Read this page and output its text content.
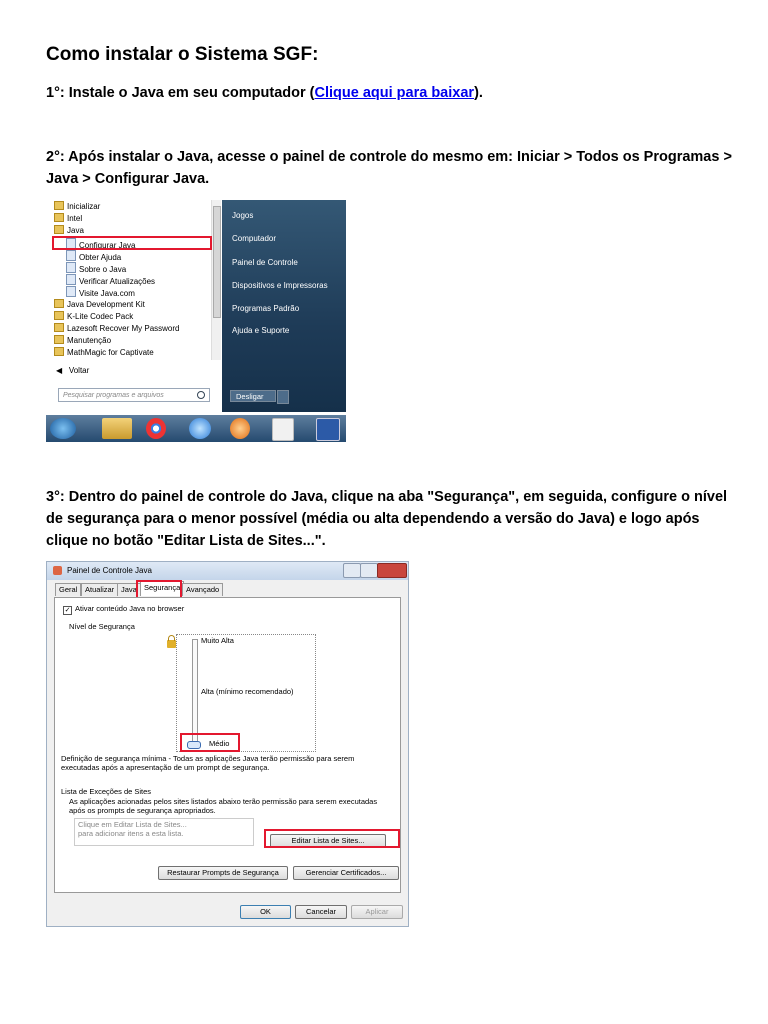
Como instalar o Sistema SGF:
1°: Instale o Java em seu computador (Clique aqui para baixar).
2°: Após instalar o Java, acesse o painel de controle do mesmo em: Iniciar > Todos os Programas > Java > Configurar Java.
Inicializar
Intel
Java
Configurar Java
Obter Ajuda
Sobre o Java
Verificar Atualizações
Visite Java.com
Java Development Kit
K-Lite Codec Pack
Lazesoft Recover My Password
Manutenção
MathMagic for Captivate
◀ Voltar
Pesquisar programas e arquivos
Jogos
Computador
Painel de Controle
Dispositivos e Impressoras
Programas Padrão
Ajuda e Suporte
Desligar
3°: Dentro do painel de controle do Java, clique na aba "Segurança", em seguida, configure o nível de segurança para o menor possível (média ou alta dependendo a versão do Java) e logo após clique no botão "Editar Lista de Sites...".
Painel de Controle Java
Geral	Atualizar Java Segurança Avançado
✓ Ativar conteúdo Java no browser
Nível de Segurança
Muito Alta
Alta (mínimo recomendado)
Médio
Definição de segurança mínima - Todas as aplicações Java terão permissão para serem executadas após a apresentação de um prompt de segurança.
Lista de Exceções de Sites
As aplicações acionadas pelos sites listados abaixo terão permissão para serem executadas após os prompts de segurança apropriados.
Clique em Editar Lista de Sites...
para adicionar itens a esta lista.
Editar Lista de Sites...
Restaurar Prompts de Segurança	Gerenciar Certificados...
OK	Cancelar	Aplicar
